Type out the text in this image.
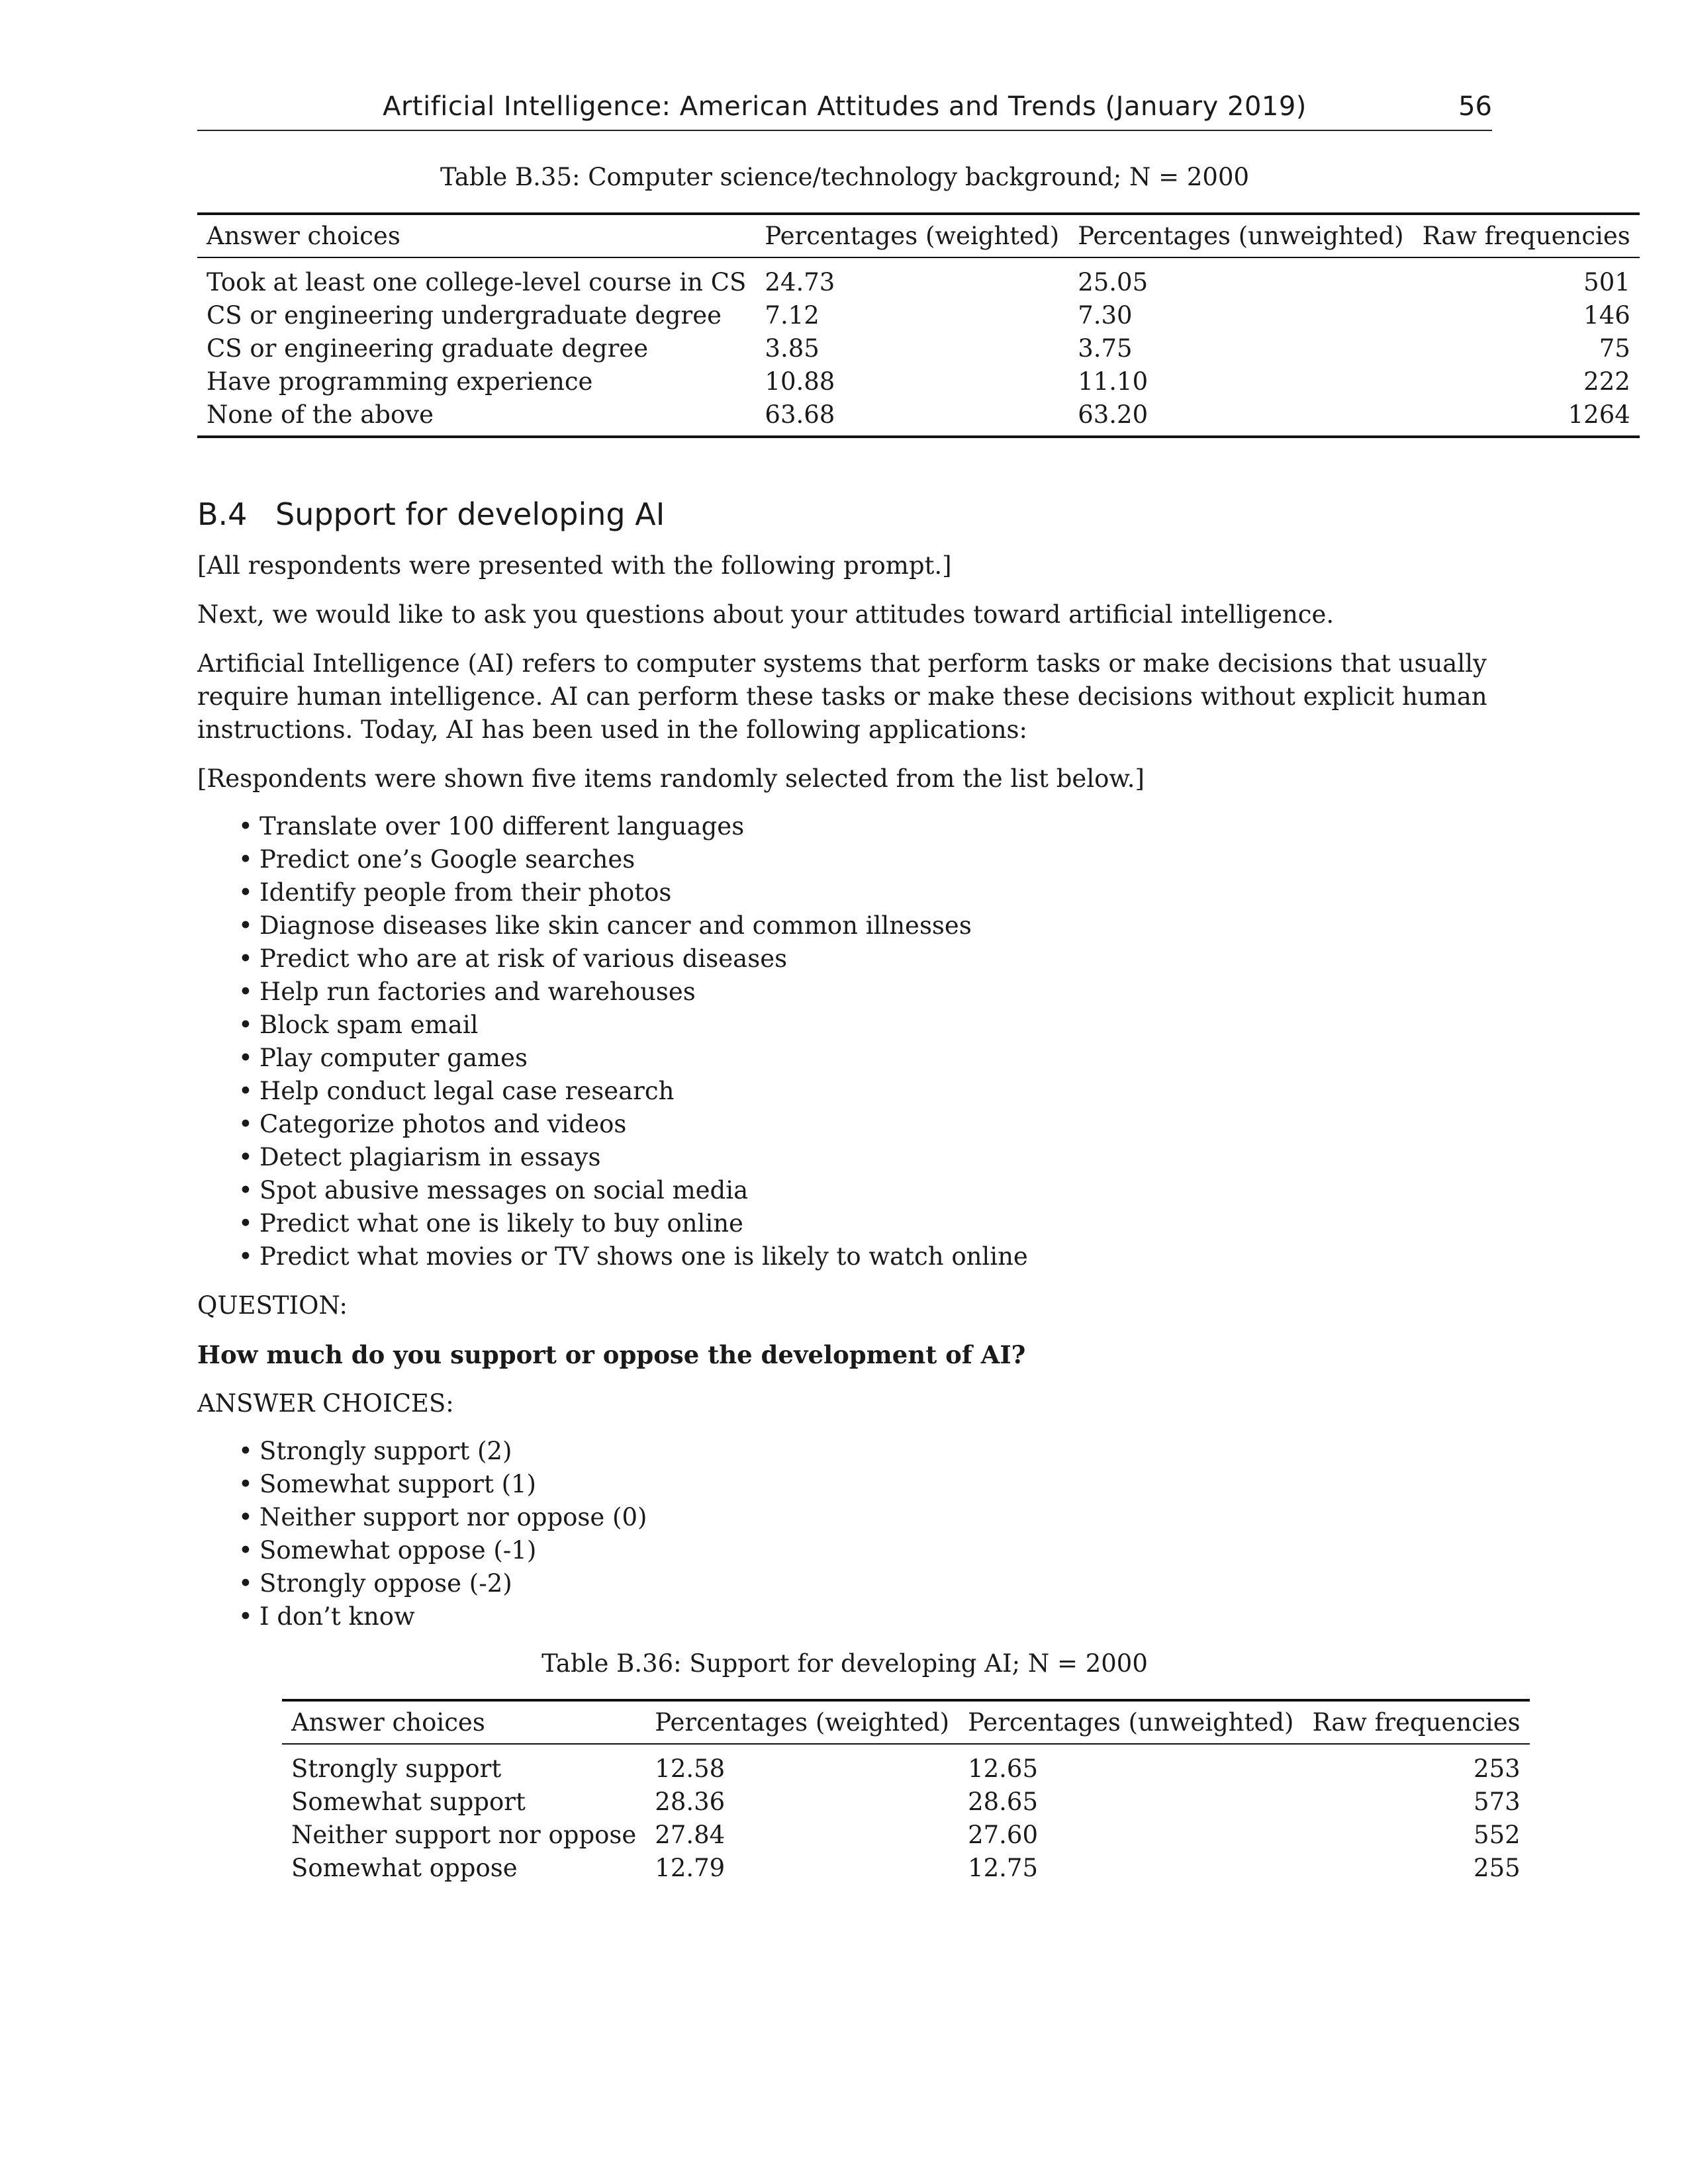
Artificial Intelligence: American Attitudes and Trends (January 2019)	56

Table B.35: Computer science/technology background; N = 2000

Answer choices	Percentages (weighted)	Percentages (unweighted)	Raw frequencies
Took at least one college-level course in CS	24.73	25.05	501
CS or engineering undergraduate degree	7.12	7.30	146
CS or engineering graduate degree	3.85	3.75	75
Have programming experience	10.88	11.10	222
None of the above	63.68	63.20	1264
B.4 Support for developing AI

[All respondents were presented with the following prompt.]

Next, we would like to ask you questions about your attitudes toward artificial intelligence.

Artificial Intelligence (AI) refers to computer systems that perform tasks or make decisions that usually require human intelligence. AI can perform these tasks or make these decisions without explicit human instructions. Today, AI has been used in the following applications:

[Respondents were shown five items randomly selected from the list below.]

• Translate over 100 different languages
• Predict one’s Google searches
• Identify people from their photos
• Diagnose diseases like skin cancer and common illnesses
• Predict who are at risk of various diseases
• Help run factories and warehouses
• Block spam email
• Play computer games
• Help conduct legal case research
• Categorize photos and videos
• Detect plagiarism in essays
• Spot abusive messages on social media
• Predict what one is likely to buy online
• Predict what movies or TV shows one is likely to watch online

QUESTION:

How much do you support or oppose the development of AI?

ANSWER CHOICES:

• Strongly support (2)
• Somewhat support (1)
• Neither support nor oppose (0)
• Somewhat oppose (-1)
• Strongly oppose (-2)
• I don’t know

Table B.36: Support for developing AI; N = 2000

Answer choices	Percentages (weighted)	Percentages (unweighted)	Raw frequencies
Strongly support	12.58	12.65	253
Somewhat support	28.36	28.65	573
Neither support nor oppose	27.84	27.60	552
Somewhat oppose	12.79	12.75	255
